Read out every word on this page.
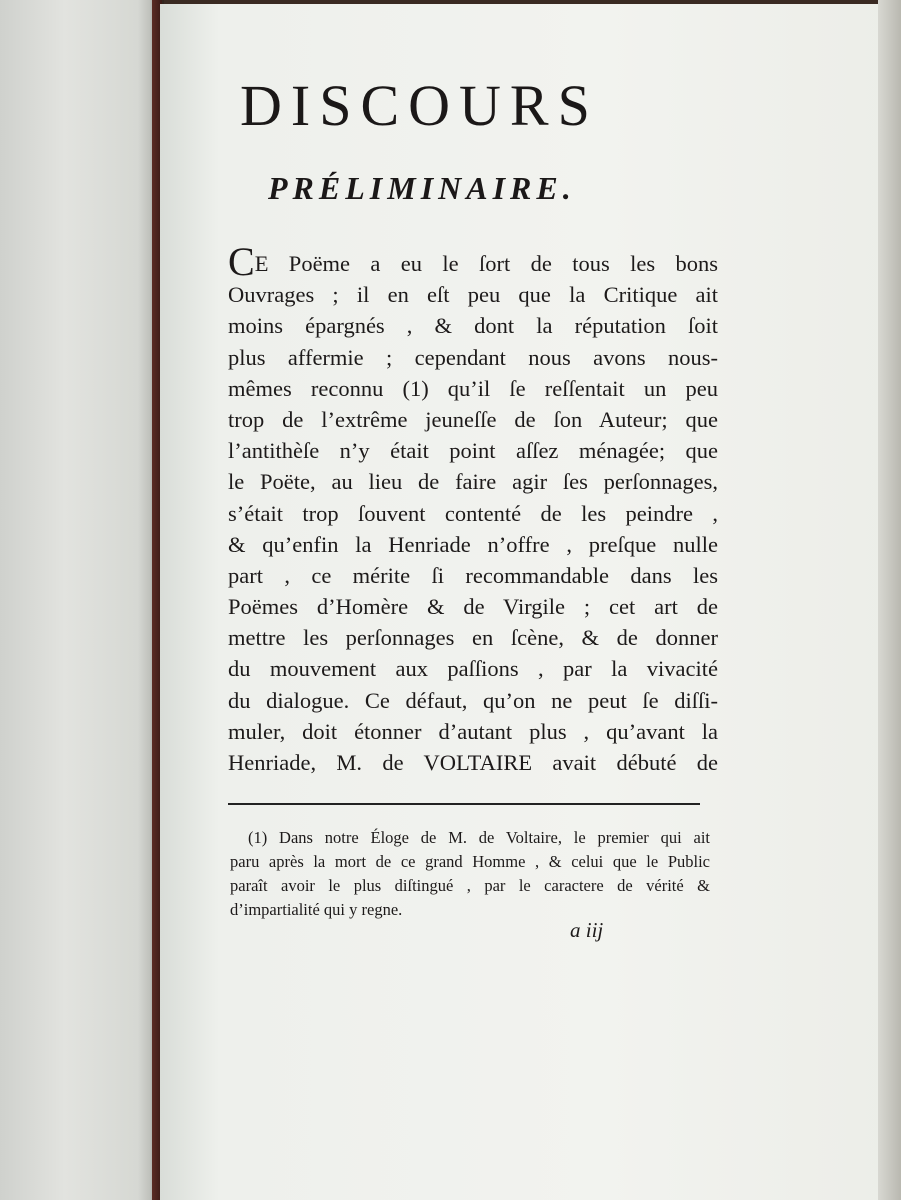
DISCOURS
PRÉLIMINAIRE.
CE Poëme a eu le ſort de tous les bons
Ouvrages ; il en eſt peu que la Critique ait
moins épargnés , & dont la réputation ſoit
plus affermie ; cependant nous avons nous-
mêmes reconnu (1) qu’il ſe reſſentait un peu
trop de l’extrême jeuneſſe de ſon Auteur; que
l’antithèſe n’y était point aſſez ménagée; que
le Poëte, au lieu de faire agir ſes perſonnages,
s’était trop ſouvent contenté de les peindre ,
& qu’enfin la Henriade n’offre , preſque nulle
part , ce mérite ſi recommandable dans les
Poëmes d’Homère & de Virgile ; cet art de
mettre les perſonnages en ſcène, & de donner
du mouvement aux paſſions , par la vivacité
du dialogue. Ce défaut, qu’on ne peut ſe diſſi-
muler, doit étonner d’autant plus , qu’avant la
Henriade, M. de VOLTAIRE avait débuté de
(1) Dans notre Éloge de M. de Voltaire, le premier qui ait
paru après la mort de ce grand Homme , & celui que le Public
paraît avoir le plus diſtingué , par le caractere de vérité &
d’impartialité qui y regne.
a iij
